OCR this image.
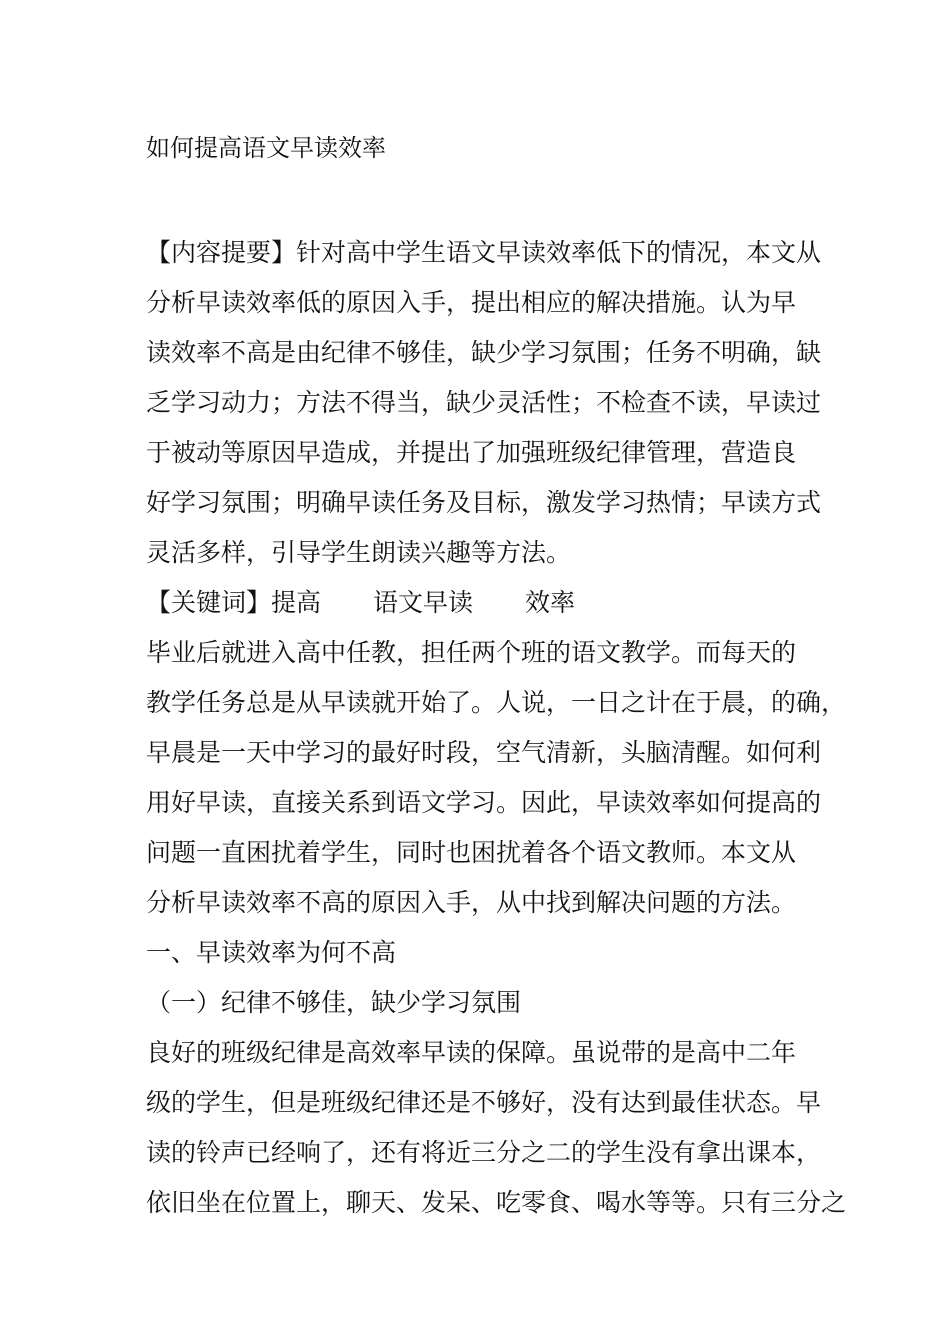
如何提高语文早读效率
【内容提要】针对高中学生语文早读效率低下的情况，本文从
分析早读效率低的原因入手，提出相应的解决措施。认为早
读效率不高是由纪律不够佳，缺少学习氛围；任务不明确，缺
乏学习动力；方法不得当，缺少灵活性；不检查不读，早读过
于被动等原因早造成，并提出了加强班级纪律管理，营造良
好学习氛围；明确早读任务及目标，激发学习热情；早读方式
灵活多样，引导学生朗读兴趣等方法。
【关键词】提高 语文早读 效率
毕业后就进入高中任教，担任两个班的语文教学。而每天的
教学任务总是从早读就开始了。人说，一日之计在于晨，的确，
早晨是一天中学习的最好时段，空气清新，头脑清醒。如何利
用好早读，直接关系到语文学习。因此，早读效率如何提高的
问题一直困扰着学生，同时也困扰着各个语文教师。本文从
分析早读效率不高的原因入手，从中找到解决问题的方法。
一、早读效率为何不高
（一）纪律不够佳，缺少学习氛围
良好的班级纪律是高效率早读的保障。虽说带的是高中二年
级的学生，但是班级纪律还是不够好，没有达到最佳状态。早
读的铃声已经响了，还有将近三分之二的学生没有拿出课本，
依旧坐在位置上，聊天、发呆、吃零食、喝水等等。只有三分之
